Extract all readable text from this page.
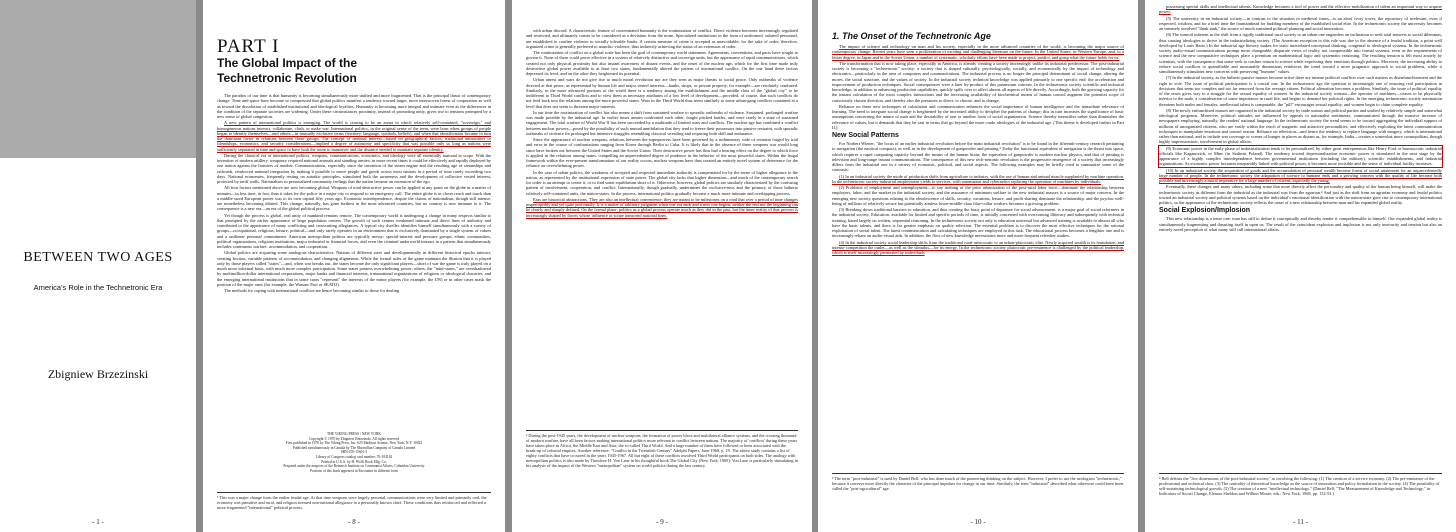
BETWEEN TWO AGES
America's Role in the Technetronic Era
Zbigniew Brzezinski
- 1 -
PART I
The Global Impact of the
Technetronic Revolution

The paradox of our time is that humanity is becoming simultaneously more unified and more fragmented. That is the principal thrust of contemporary change. Time and space have become so compressed that global politics manifest a tendency toward larger, more interwoven forms of cooperation as well as toward the dissolution of established institutional and ideological loyalties. Humanity is becoming more integral and intimate even as the differences in the condition of the separate societies are widening. Under these circumstances proximity, instead of promoting unity, gives rise to tensions prompted by a new sense of global congestion.

A new pattern of international politics is emerging. The world is ceasing to be an arena in which relatively self-contained, "sovereign," and homogeneous nations interact, collaborate, clash, or make war. International politics, in the original sense of the term, were born when groups of people began to identify themselves—and others—in mutually exclusive terms (territory, language, symbols, beliefs), and when that identification became in turn the dominant factor in relations between these groups. The concept of national interest—based on geographical factors, traditional animosities or friendships, economics, and security considerations—implied a degree of autonomy and specificity that was possible only so long as nations were sufficiently separated in time and space to have both the room to maneuver and the distance needed to maintain separate identity.

During the classical era of international politics, weapons, communications, economics, and ideology were all essentially national in scope. With the invention of modern artillery, weaponry required national arsenals and standing armies; in more recent times it could be effectively and rapidly deployed by one nation against the frontiers of another. Communications, especially since the invention of the steam engine and the resulting age of steamships and railroads, reinforced national integration by making it possible to move people and goods across most nations in a period of time rarely exceeding two days. National economies, frequently resting on autarkic principles, stimulated both the awareness and the development of collective vested interest, protected by tariff walls. Nationalism so personalized community feelings that the nation became an extension of the ego.

All four factors mentioned above are now becoming global. Weapons of total destructive power can be applied at any point on the globe in a matter of minutes—in less time, in fact, than it takes for the police in a major city to respond to an emergency call. The entire globe is in closer reach and touch than a middle-sized European power was to its own capital fifty years ago. Economic interdependence, despite the claims of nationalism, though still intense, are nonetheless becoming diluted. This change, naturally, has gone furthest in the most advanced countries, but no country is now immune to it. The consequence is a new era—an era of the global political process.

Yet though the process is global, real unity of mankind remains remote. The contemporary world is undergoing a change in many respects similar to that prompted by the earlier appearance of large population centers. The growth of such centers weakened intimate and direct lines of authority and contributed to the appearance of many conflicting and crosscutting allegiances. A typical city dweller identifies himself simultaneously with a variety of groups—occupational, religious, leisure, political—and only rarely operates in an environment that is exclusively dominated by a single system of values and a unilinear personal commitment. American metropolitan politics are typically messy: special-interest and pressure groups, ethnic communities, political organizations, religious institutions, major industrial or financial forces, and even the criminal underworld interact in a pattern that simultaneously includes continuous warfare, accommodation, and cooperation.

Global politics are acquiring some analogous characteristics. Nations of different sizes and developmentally in different historical epochs interact, creating friction, variable patterns of accommodation, and changing alignments. While the formal rules of the game maintain the illusion that it is played only by those players called "states"—and, when war breaks out, the states become the only significant players—short of war the game is truly played on a much more informal basis, with much more complex participation. Some states possess overwhelming power; others, the "mini-states," are overshadowed by multimillion-dollar international corporations, major banks and financial interests, transnational organizations of religious or ideological character, and the emerging international institutions that in some cases "represent" the interests of the minor players (for example, the UN) or in other cases mask the position of the major ones (for example, the Warsaw Pact or SEATO).

The methods for coping with international conflicts are hence becoming similar to those for dealing

THE VIKING PRESS / NEW YORK
Copyright © 1970 by Zbigniew Brzezinski. All rights reserved
First published in 1970 by The Viking Press, Inc. 625 Madison Avenue, New York, N.Y. 10022
Published simultaneously in Canada by The Macmillan Company of Canada Limited
SBN 670-15601-3
Library of Congress catalog card number: 76-104162
Printed in U.S.A. by H. Wolff Book Mfg. Co.
Prepared under the auspices of the Research Institute on Communist Affairs, Columbia University
Portions of this book appeared in Encounter in different form
¹ This was a major change from the earlier feudal age. At that time weapons were largely personal, communications were very limited and primarily oral, the economy was primitive and rural, and religion stressed non-national allegiance to a personally known chief. These conditions thus reinforced and reflected a more fragmented "international" political process.
- 8 -

with urban discord. A characteristic feature of concentrated humanity is the routinization of conflict. Direct violence becomes increasingly regulated and restricted, and ultimately comes to be considered as a deviation from the norm. Specialized institutions in the form of uniformed, salaried personnel, are established to confine violence to socially tolerable limits. A certain measure of crime is accepted as unavoidable; for the sake of order, therefore, organized crime is generally preferred to anarchic violence, thus indirectly achieving the status of an extension of order.

The routinization of conflict on a global scale has been the goal of contemporary world statesmen. Agreements, conventions, and pacts have sought to govern it. None of these could prove effective in a system of relatively distinctive and sovereign units; but the appearance of rapid communications, which created not only physical proximity but also instant awareness of distant events, and the onset of the nuclear age, which for the first time made truly destructive global power available to at least two states, fundamentally altered the pattern of international conflict. On the one hand these factors depressed its level, and on the other they heightened its potential.

Urban unrest and wars do not give rise to much moral revolution nor are they seen as major threats to social peace. Only outbreaks of violence directed at that peace, as represented by human life and major vested interests—banks, shops, or private property, for example—are resolutely combated. Similarly, in the more advanced portions of the world there is a tendency among the establishment and the middle class of the "global city" to be indifferent to Third World conflicts and to view them as necessary attributes of a low level of development—provided, of course, that such conflicts do not feed back into the relations among the more powerful states. Wars in the Third World thus seem similarly to some urban-gang conflicts contained at a level that does not seem to threaten major interests.

In our time the routinization of conflict has also meant a shift from sustained warfare to sporadic outbreaks of violence. Sustained, prolonged warfare was made possible by the industrial age. In earlier times armies confronted each other, fought pitched battles, and were rarely in a state of sustained engagement. The total warfare of World War II has been succeeded by a multitude of limited wars and conflicts. The nuclear age has combined a conflict between nuclear powers—posed by the possibility of such mutual annihilation that they tend to freeze their possessors into passive restraint, with sporadic outbreaks of violence for prolonged but intensive struggles resembling classical wrestling and requiring both skill and endurance.

Since the appearance of nuclear weapons, relations between the superpowers have been governed by a rudimentary code of restraint forged by trial and error in the course of confrontations ranging from Korea through Berlin to Cuba. It is likely that in the absence of these weapons war would long since have broken out between the United States and the Soviet Union. Their destructive power has thus had a bearing effect on the degree to which force is applied in the relations among states, compelling an unprecedented degree of prudence in the behavior of the most powerful states. Within the frugal framework within the ever-present transformation of our reality occurs, nuclear weapons have thus created an entirely novel system of deterrence for the reliance on overwhelming power.

In the case of urban politics, the weakness of accepted and respected immediate authority is compensated for by the sense of higher allegiance to the nation, as represented by the institutional expression of state power. The global city lacks that higher dimension—and much of the contemporary search for order is an attempt to create it, or to find some equilibrium short of it. Otherwise, however, global politics are similarly characterized by the confusing pattern of involvement, cooperation, and conflict. Internationally, though gradually, undermines the exclusive-ness and the primacy of those hitherto relatively self-contained units, the nation-states. In the process, international politics gradually become a much more intimate and overlapping process.

Eras are historical abstractions. They are also an intellectual convenience: they are meant to be milestones on a road that over a period of time changes imperceptibly and yet quite profoundly. It is a matter of arbitrary judgment when one era ends and a new one begins; neither the end nor the beginning can be clearly and sharply defined. On the formal plane, politics as a global process operate much as they did in the past, but the inner reality of that process is increasingly shaped by forces whose influence or scope transcend national lines.

² During the post-1945 years, the development of nuclear weapons, the formation of power blocs and multilateral alliance systems, and the crossing thousand of modern warfare, have all been factors making international politics more relevant to conflict between nations. The majority of 'conflicts' during these years have taken place in Africa, the Middle East and Asia; the so-called Third World. And a large number of them have followed or been associated with the break-up of colonial empires. Another reference: "Conflict in the Twentieth Century" Adelphi Papers, June 1968, p. 19. The above study contains a list of eighty conflicts that have occurred in the years 1945-1967. All but eight of these conflicts involved Third World participants on both sides. The analogy with metropolitan politics is also made by Theodore H. Von Laue in his thoughtful book The Global City (New York, 1969). Von Laue is particularly stimulating in his analysis of the impact of the Western "metropolitan" system on world politics during the last century.
- 9 -
1. The Onset of the Technetronic Age

The impact of science and technology on man and his society, especially in the more advanced countries of the world, is becoming the major source of contemporary change. Recent years have seen a proliferation of exciting and challenging literature on the future. In the United States, in Western Europe, and, to a lesser degree, in Japan and in the Soviet Union, a number of systematic, scholarly efforts have been made to project, predict, and grasp what the future holds for us.

The transformation that is now taking place, especially in America, is already creating a society increasingly unlike its industrial predecessor. The post-industrial society is becoming a "technetronic" society: a society that is shaped culturally, psychologically, socially, and economically by the impact of technology and electronics—particularly in the area of computers and communications. The industrial process is no longer the principal determinant of social change, altering the mores, the social structure, and the values of society. In the industrial society technical knowledge was applied primarily to one specific end: the acceleration and improvement of production techniques. Social consequences were a later by-product of this paramount concern. In the technetronic society scientific and technical knowledge, in addition to enhancing production capabilities, quickly spills over to affect almost all aspects of life directly. Accordingly, both the growing capacity for the instant calculation of the most complex interactions and the increasing availability of biochemical means of human control augment the potential scope of consciously chosen direction, and thereby also the pressures to direct, to choose, and to change.

Reliance on these new techniques of calculation and communication enhances the social importance of human intelligence and the immediate relevance of learning. The need to integrate social change is heightened by the increased ability to decipher the patterns of change; this in turn increases the significance of basic assumptions concerning the nature of man and the desirability of one or another form of social organization. Science thereby intensifies rather than diminishes the relevance of values, but it demands that they be cast in terms that go beyond the more crude ideologies of the industrial age. (This theme is developed further in Part II.)

New Social Patterns

For Norbert Wiener, "the locus of an earlier industrial revolution before the main industrial revolution" is to be found in the fifteenth-century research pertaining to navigation (the nautical compass), as well as in the development of gunpowder and printing.³ Today the functional equivalent of navigation is the thrust into space, which requires a rapid computing capacity beyond the means of the human brain; the equivalent of gunpowder is modern nuclear physics, and that of printing is television and long-range instant communications. The consequence of this new tech-netronic revolution is the progressive emergence of a society that increasingly differs from the industrial one in a variety of economic, political, and social aspects. The following examples may be briefly cited to summarize some of the contrasts:

(1) In an industrial society the mode of production shifts from agriculture to industry, with the use of human and animal muscle supplanted by machine operation. In the technetronic society industrial employment yields to services, with automation and cybernetics replacing the operation of machines by individuals.

(2) Problems of employment and unemployment—to say nothing of the prior urbanization of the post-rural labor force—dominate the relationship between employers, labor, and the market in the industrial society, and the assurance of minimum welfare to the new industrial masses is a source of major concern. In the emerging new society questions relating to the obsolescence of skills, security, vacations, leisure, and profit sharing dominate the relationship, and the psychic well-being of millions of relatively secure but potentially aimless lower-middle-class blue-collar workers becomes a growing problem.

(3) Breaking down traditional barriers to education, and thus creating the basic point of departure for social advancement, is a major goal of social reformers in the industrial society. Education, available for limited and specific periods of time, is initially concerned with overcoming illiteracy and subsequently with technical training, based largely on written, sequential reasoning. In the technetronic society not only is education universal but advanced training is available to almost all who have the basic talents, and there is far greater emphasis on quality selection. The essential problem is to discover the most effective techniques for the rational exploitation of social talent. The latest communication and calculating techniques are employed in this task. The educational process becomes a lengthier one and is increasingly reliant on audio-visual aids. In addition, the flow of new knowledge necessitates more and more frequent refresher studies.

(4) In the industrial society social leadership shifts from the traditional rural-aristocratic to an urban-plutocratic elite. Newly acquired wealth is its foundation, and intense competition the outlet—as well as the stimulus—for its energy. In the technetronic society plutocratic pre-eminence is challenged by the political leadership, which is itself increasingly permeated by individuals

³ The term "post-industrial" is used by Daniel Bell, who has done much of the pioneering thinking on the subject. However, I prefer to use the neologism "technetronic," because it conveys more directly the character of the principal impulses for change in our time. Similarly, the term "industrial" described what otherwise could have been called the "post-agricultural" age.
- 10 -

possessing special skills and intellectual talents. Knowledge becomes a tool of power and the effective mobilization of talent an important way to acquire power.

(5) The university in an industrial society—in contrast to the situation in medieval times—is an aloof ivory tower, the repository of irrelevant, even if respected, wisdom, and for a brief time the fountainhead for budding members of the established social elite. In the technetronic society the university becomes an intensely involved "think tank," the source of much sustained political planning and social innovation.

(6) The turmoil inherent in the shift from a rigidly traditional rural society to an urban one engenders an inclination to seek total answers to social dilemmas, thus causing ideologies to thrive in the industrializing society. (The American exception to this rule was due to the absence of a feudal tradition, a point well developed by Louis Hartz.) In the industrial age literacy makes for static interrelated conceptual thinking, congenial to ideological systems. In the technetronic society audio-visual communications prompt more changeable, disparate views of reality, not compressible into formal systems, even as the requirements of science and the new computative techniques place a premium on mathematical logic and systematic reasoning. The resulting tension is felt most acutely by scientists, with the consequence that some seek to confine reason to science while expressing their emotions through politics. Moreover, the increasing ability to reduce social conflicts to quantifiable and measurable dimensions reinforces the trend toward a more pragmatic approach to social problems, while it simultaneously stimulates new concerns with preserving "humane" values.

(7) In the industrial society, as the hitherto passive masses become active there are intense political conflicts over such matters as disenfranchisement and the right to vote. The issue of political participation is a crucial one. In the technetronic age the question is increasingly one of ensuring real participation in decisions that seem too complex and too far removed from the average citizen. Political alienation becomes a problem. Similarly, the issue of political equality of the sexes gives way to a struggle for the sexual equality of women. In the industrial society woman—the operator of machines—ceases to be physically inferior to the male, a consideration of some importance in rural life, and begins to demand her political rights. In the emerging technetronic society automation threatens both males and females, intellectual talent is computable, the "pill" encourages sexual equality, and women begin to claim complete equality.

(8) The newly enfranchised masses are organized in the industrial society by trade unions and political parties and unified by relatively simple and somewhat ideological programs. Moreover, political attitudes are influenced by appeals to nationalist sentiments, communicated through the massive increase of newspapers employing, naturally, the readers' national language. In the technetronic society the trend seems to be toward aggregating the individual support of millions of unorganized citizens, who are easily within the reach of magnetic and attractive personalities, and effectively exploiting the latest communication techniques to manipulate emotions and control reason. Reliance on television—and hence the tendency to replace language with imagery, which is international rather than national, and to include war coverage or scenes of hunger in places as distant as, for example, India—creates a somewhat more cosmopolitan, though highly impressionistic, involvement in global affairs.

(9) Economic power in the early phase of industrialization tends to be personalized, by either great entrepreneurs like Henry Ford or bureaucratic industrial officials like Kaganovich, or Minc (in Stalinist Poland). The tendency toward depersonalization economic power is stimulated in the next stage by the appearance of a highly complex interdependence between governmental institutions (including the military), scientific establishments, and industrial organizations. As economic power becomes inseparably linked with political power, it becomes more invisible and the sense of individual futility increases.

(10) In an industrial society the acquisition of goods and the accumulation of personal wealth become forms of social attainment for an unprecedentedly large number of people. In the technetronic society the adaptation of science to humane ends and a growing concern with the quality of life become both possible and increasingly a moral imperative for a large number of citizens, especially the young.

Eventually, these changes and many others, including some that more directly affect the personality and quality of the human being himself, will make the technetronic society as different from the industrial as the industrial was from the agrarian.⁴ And just as the shift from an agrarian economy and feudal politics toward an industrial society and political systems based on the individual's emotional identification with the nation-state gave rise to contemporary international politics, so the appearance of the technetronic society reflects the onset of a new relationship between man and his expanded global reality.

Social Explosion/Implosion

This new relationship is a tense one: man has still to define it conceptually and thereby render it comprehensible to himself. Our expanded global reality is simultaneously fragmenting and thrusting itself in upon us. The result of the coincident explosion and implosion is not only insecurity and tension but also an entirely novel perception of what many still call international affairs.

⁴ Bell defines the "five dimensions of the post-industrial society" as involving the following: (1) The creation of a service economy. (2) The pre-eminence of the professional and technical class. (3) The centrality of theoretical knowledge as the source of innovation and policy formulation in the society. (4) The possibility of self-sustaining technological growth. (5) The creation of a new "intellectual technology." (Daniel Bell, "The Measurement of Knowledge and Technology," in Indicators of Social Change, Eleanor Sheldon and Wilbert Moore, eds., New York, 1968, pp. 152-53.)
- 11 -
